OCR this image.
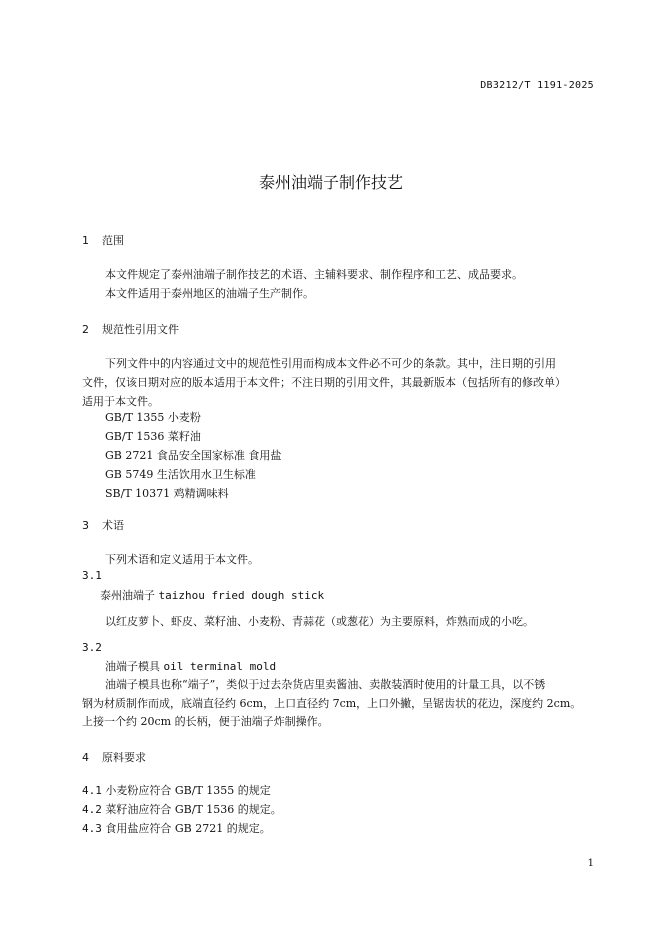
DB3212/T 1191-2025
泰州油端子制作技艺
1 范围
本文件规定了泰州油端子制作技艺的术语、主辅料要求、制作程序和工艺、成品要求。
本文件适用于泰州地区的油端子生产制作。
2 规范性引用文件
下列文件中的内容通过文中的规范性引用而构成本文件必不可少的条款。其中，注日期的引用
文件，仅该日期对应的版本适用于本文件；不注日期的引用文件，其最新版本（包括所有的修改单）
适用于本文件。
GB/T 1355 小麦粉
GB/T 1536 菜籽油
GB 2721 食品安全国家标准 食用盐
GB 5749 生活饮用水卫生标准
SB/T 10371 鸡精调味料
3 术语
下列术语和定义适用于本文件。
3.1
泰州油端子 taizhou fried dough stick
以红皮萝卜、虾皮、菜籽油、小麦粉、青蒜花（或葱花）为主要原料，炸熟而成的小吃。
3.2
油端子模具 oil terminal mold
油端子模具也称“端子”，类似于过去杂货店里卖酱油、卖散装酒时使用的计量工具，以不锈
钢为材质制作而成，底端直径约 6cm，上口直径约 7cm，上口外撇，呈锯齿状的花边，深度约 2cm。
上接一个约 20cm 的长柄，便于油端子炸制操作。
4 原料要求
4.1 小麦粉应符合 GB/T 1355 的规定
4.2 菜籽油应符合 GB/T 1536 的规定。
4.3 食用盐应符合 GB 2721 的规定。
1
